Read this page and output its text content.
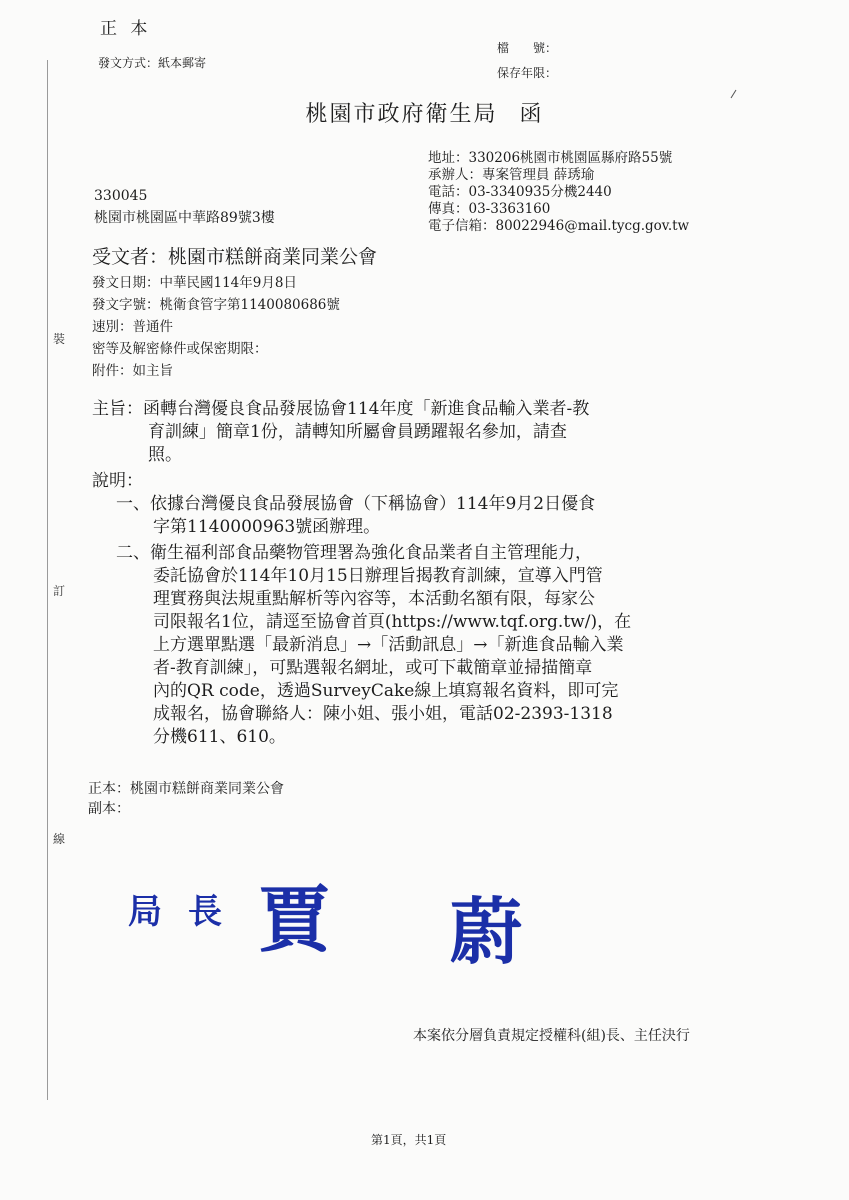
正 本
發文方式：紙本郵寄
檔　　號：
保存年限：
桃園市政府衛生局 函
地址：330206桃園市桃園區縣府路55號
承辦人：專案管理員 薛琇瑜
電話：03-3340935分機2440
傳真：03-3363160
電子信箱：80022946@mail.tycg.gov.tw
330045
桃園市桃園區中華路89號3樓
受文者：桃園市糕餅商業同業公會
發文日期：中華民國114年9月8日
發文字號：桃衛食管字第1140080686號
速別：普通件
密等及解密條件或保密期限：
附件：如主旨
主旨：函轉台灣優良食品發展協會114年度「新進食品輸入業者-教
育訓練」簡章1份，請轉知所屬會員踴躍報名參加，請查
照。
說明：
一、依據台灣優良食品發展協會（下稱協會）114年9月2日優食
字第1140000963號函辦理。
二、衛生福利部食品藥物管理署為強化食品業者自主管理能力，
委託協會於114年10月15日辦理旨揭教育訓練，宣導入門管
理實務與法規重點解析等內容等，本活動名額有限，每家公
司限報名1位，請逕至協會首頁(https://www.tqf.org.tw/)，在
上方選單點選「最新消息」→「活動訊息」→「新進食品輸入業
者-教育訓練」，可點選報名網址，或可下載簡章並掃描簡章
內的QR code，透過SurveyCake線上填寫報名資料，即可完
成報名，協會聯絡人：陳小姐、張小姐，電話02-2393-1318
分機611、610。
正本：桃園市糕餅商業同業公會
副本：
裝
訂
線
局 長 賈 蔚
本案依分層負責規定授權科(組)長、主任決行
第1頁，共1頁
